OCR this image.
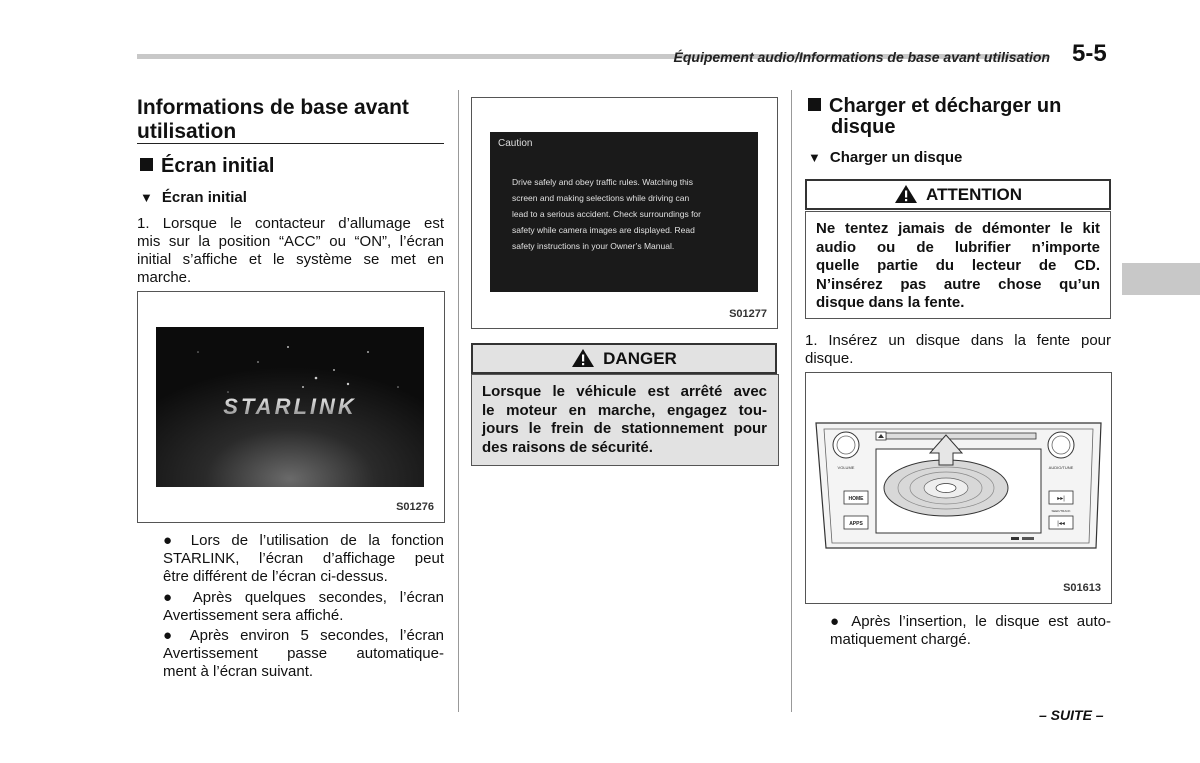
Équipement audio/Informations de base avant utilisation 5-5
Informations de base avant
utilisation
Écran initial
▼ Écran initial
1. Lorsque le contacteur d’allumage est
mis sur la position “ACC” ou “ON”, l’écran
initial s’affiche et le système se met en
marche.
STARLINK
S01276
● Lors de l’utilisation de la fonction
STARLINK, l’écran d’affichage peut
être différent de l’écran ci-dessus.
● Après quelques secondes, l’écran
Avertissement sera affiché.
● Après environ 5 secondes, l’écran
Avertissement passe automatique-
ment à l’écran suivant.
Caution
Drive safely and obey traffic rules. Watching this
screen and making selections while driving can
lead to a serious accident. Check surroundings for
safety while camera images are displayed. Read
safety instructions in your Owner’s Manual.
S01277
DANGER
Lorsque le véhicule est arrêté avec
le moteur en marche, engagez tou-
jours le frein de stationnement pour
des raisons de sécurité.
Charger et décharger un
disque
▼ Charger un disque
ATTENTION
Ne tentez jamais de démonter le kit
audio ou de lubrifier n’importe
quelle partie du lecteur de CD.
N’insérez pas autre chose qu’un
disque dans la fente.
1. Insérez un disque dans la fente pour
disque.
VOLUME	AUDIO/TUNE
HOME
APPS
▸▸|
SEEK/TRACK
|◂◂
S01613
● Après l’insertion, le disque est auto-
matiquement chargé.
– SUITE –
